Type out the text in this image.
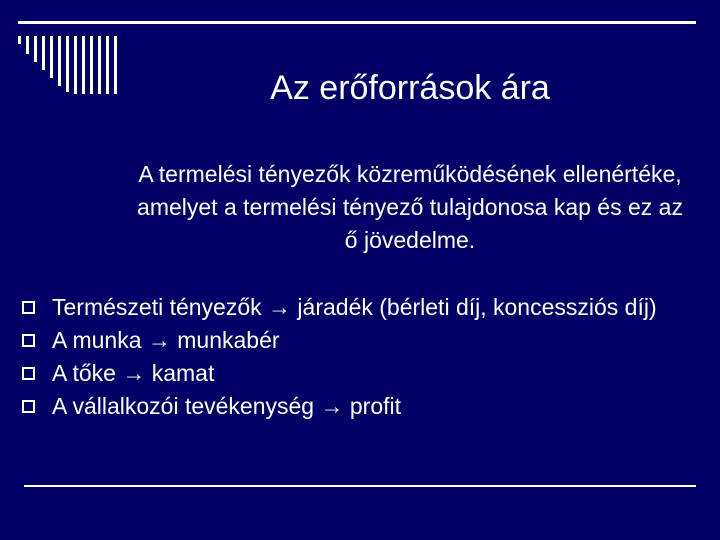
Az erőforrások ára
A termelési tényezők közreműködésének ellenértéke, amelyet a termelési tényező tulajdonosa kap és ez az ő jövedelme.
Természeti tényezők → járadék (bérleti díj, koncessziós díj)
A munka → munkabér
A tőke → kamat
A vállalkozói tevékenység → profit
